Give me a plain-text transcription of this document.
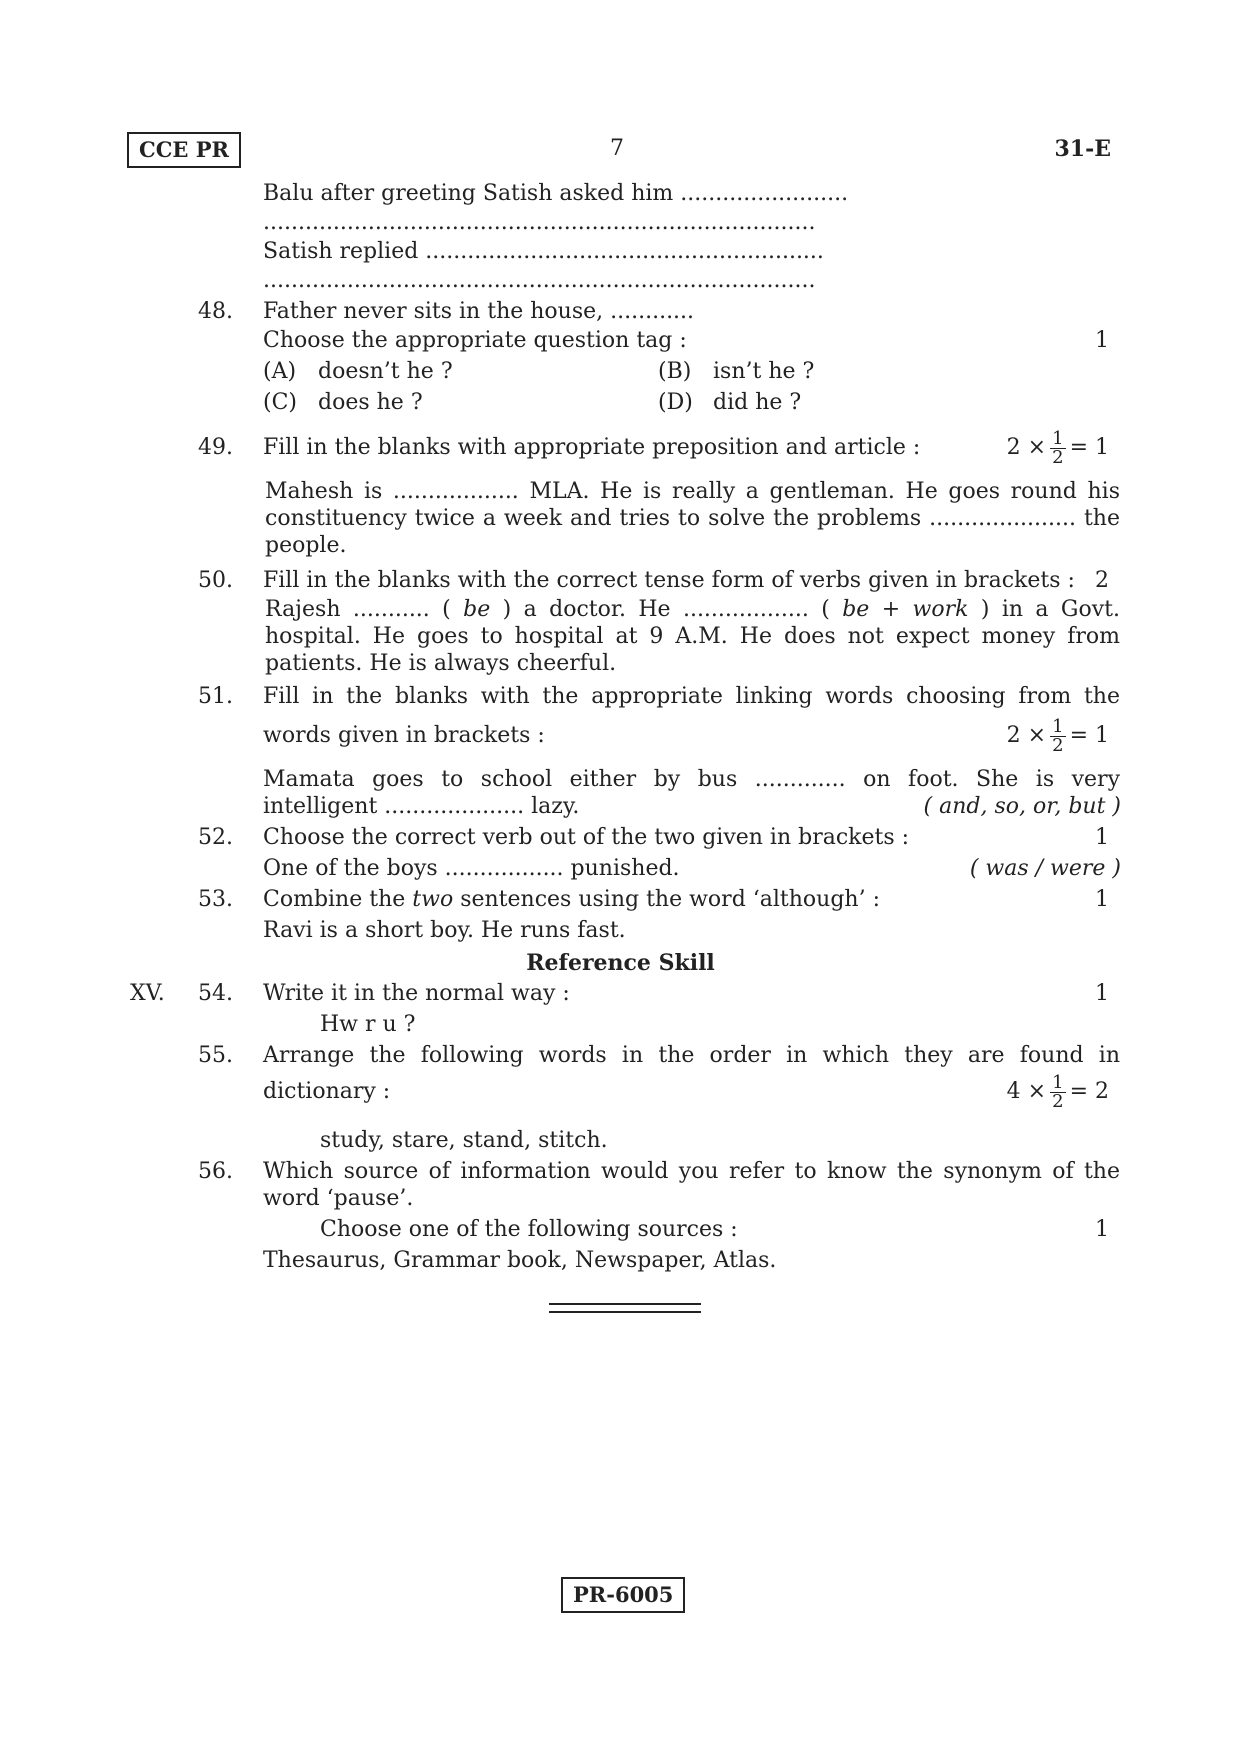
CCE PR	7	31-E
Balu after greeting Satish asked him ........................
...............................................................................
Satish replied .........................................................
...............................................................................
48. Father never sits in the house, ............
Choose the appropriate question tag :	1
(A) doesn’t he ?	(B) isn’t he ?
(C) does he ?	(D) did he ?
49. Fill in the blanks with appropriate preposition and article :	$2 \times \frac{1}{2} = 1$
Mahesh is .................. MLA. He is really a gentleman. He goes round his constituency twice a week and tries to solve the problems ..................... the people.
50. Fill in the blanks with the correct tense form of verbs given in brackets : 2
Rajesh ........... ( be ) a doctor. He .................. ( be + work ) in a Govt. hospital. He goes to hospital at 9 A.M. He does not expect money from patients. He is always cheerful.
51. Fill in the blanks with the appropriate linking words choosing from the
words given in brackets :	$2 \times \frac{1}{2} = 1$
Mamata goes to school either by bus ............. on foot. She is very
intelligent .................... lazy.	( and, so, or, but )
52. Choose the correct verb out of the two given in brackets :	1
One of the boys ................. punished.	( was / were )
53. Combine the two sentences using the word ‘although’ :	1
Ravi is a short boy. He runs fast.
Reference Skill
XV. 54. Write it in the normal way :	1
Hw r u ?
55. Arrange the following words in the order in which they are found in
dictionary :	$4 \times \frac{1}{2} = 2$
study, stare, stand, stitch.
56. Which source of information would you refer to know the synonym of the
word ‘pause’.
Choose one of the following sources :	1
Thesaurus, Grammar book, Newspaper, Atlas.
PR-6005
